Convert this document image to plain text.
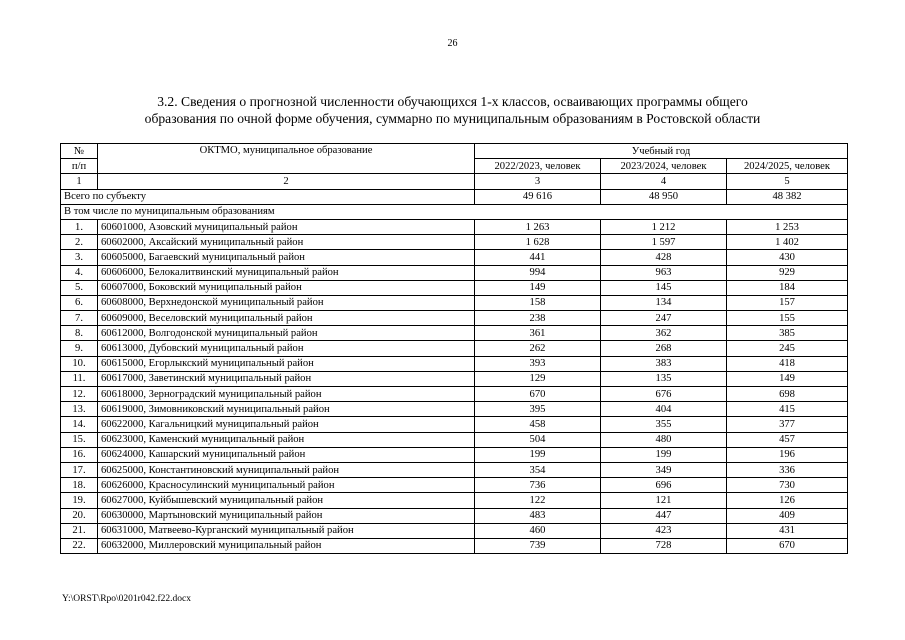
26
3.2. Сведения о прогнозной численности обучающихся 1-х классов, осваивающих программы общего
образования по очной форме обучения, суммарно по муниципальным образованиям в Ростовской области
№	ОКТМО, муниципальное образование	Учебный год		
п/п		2022/2023, человек	2023/2024, человек	2024/2025, человек
1	2	3	4	5
Всего по субъекту		49 616	48 950	48 382
В том числе по муниципальным образованиям				
1.	60601000, Азовский муниципальный район	1 263	1 212	1 253
2.	60602000, Аксайский муниципальный район	1 628	1 597	1 402
3.	60605000, Багаевский муниципальный район	441	428	430
4.	60606000, Белокалитвинский муниципальный район	994	963	929
5.	60607000, Боковский муниципальный район	149	145	184
6.	60608000, Верхнедонской муниципальный район	158	134	157
7.	60609000, Веселовский муниципальный район	238	247	155
8.	60612000, Волгодонской муниципальный район	361	362	385
9.	60613000, Дубовский муниципальный район	262	268	245
10.	60615000, Егорлыкский муниципальный район	393	383	418
11.	60617000, Заветинский муниципальный район	129	135	149
12.	60618000, Зерноградский муниципальный район	670	676	698
13.	60619000, Зимовниковский муниципальный район	395	404	415
14.	60622000, Кагальницкий муниципальный район	458	355	377
15.	60623000, Каменский муниципальный район	504	480	457
16.	60624000, Кашарский муниципальный район	199	199	196
17.	60625000, Константиновский муниципальный район	354	349	336
18.	60626000, Красносулинский муниципальный район	736	696	730
19.	60627000, Куйбышевский муниципальный район	122	121	126
20.	60630000, Мартыновский муниципальный район	483	447	409
21.	60631000, Матвеево-Курганский муниципальный район	460	423	431
22.	60632000, Миллеровский муниципальный район	739	728	670
Y:\ORST\Rpo\0201r042.f22.docx
